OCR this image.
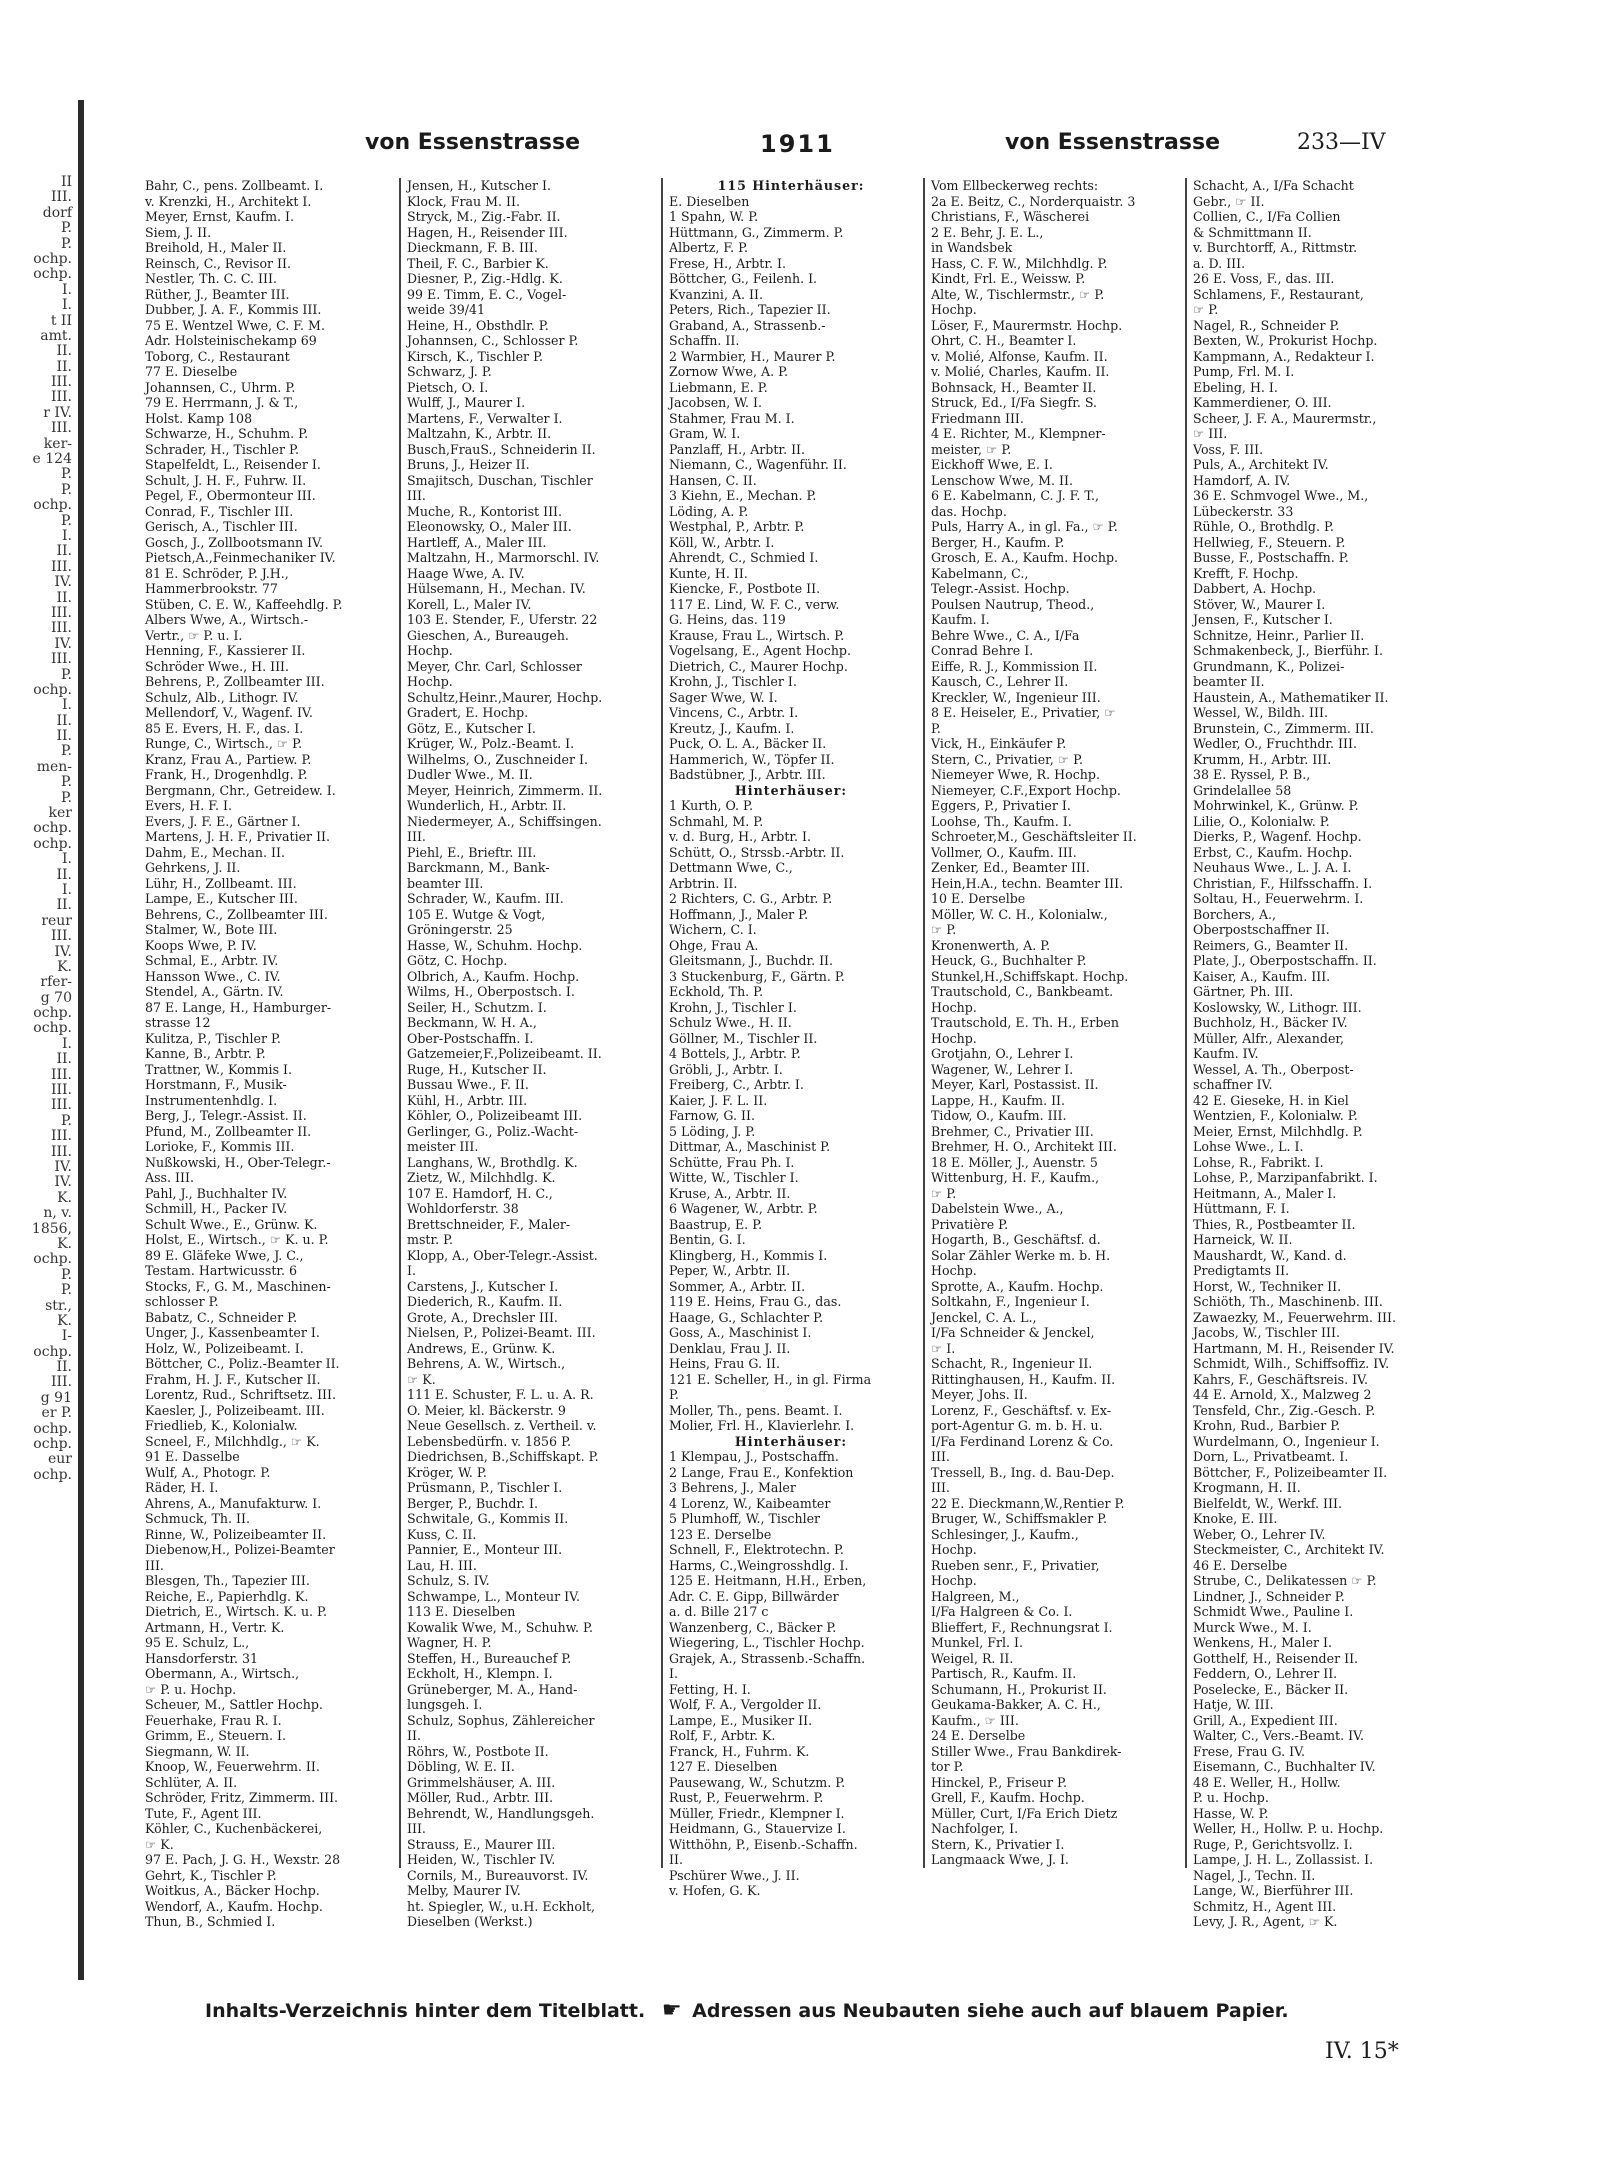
II
III.
dorf
P.
P.
ochp.
ochp.
I.
I.
t II
amt.
II.
II.
III.
III.
r IV.
III.
ker-
e 124
P.
P.
ochp.
P.
I.
II.
III.
IV.
II.
III.
III.
IV.
III.
P.
ochp.
I.
II.
II.
P.
men-
P.
P.
ker
ochp.
ochp.
I.
II.
I.
II.
reur
III.
IV.
K.
rfer-
g 70
ochp.
ochp.
I.
II.
III.
III.
III.
P.
III.
III.
IV.
IV.
K.
n, v.
1856,
K.
ochp.
P.
P.
str.,
K.
I-
ochp.
II.
III.
g 91
er P.
ochp.
ochp.
eur
ochp.
von Essenstrasse	1911	von Essenstrasse	233—IV
Bahr, C., pens. Zollbeamt. I.
v. Krenzki, H., Architekt I.
Meyer, Ernst, Kaufm. I.
Siem, J. II.
Breihold, H., Maler II.
Reinsch, C., Revisor II.
Nestler, Th. C. C. III.
Rüther, J., Beamter III.
Dubber, J. A. F., Kommis III.
75 E. Wentzel Wwe, C. F. M.
Adr. Holsteinischekamp 69
Toborg, C., Restaurant
77 E. Dieselbe
Johannsen, C., Uhrm. P.
79 E. Herrmann, J. & T.,
Holst. Kamp 108
Schwarze, H., Schuhm. P.
Schrader, H., Tischler P.
Stapelfeldt, L., Reisender I.
Schult, J. H. F., Fuhrw. II.
Pegel, F., Obermonteur III.
Conrad, F., Tischler III.
Gerisch, A., Tischler III.
Gosch, J., Zollbootsmann IV.
Pietsch,A.,Feinmechaniker IV.
81 E. Schröder, P. J.H.,
Hammerbrookstr. 77
Stüben, C. E. W., Kaffeehdlg. P.
Albers Wwe, A., Wirtsch.-
Vertr., ☞ P. u. I.
Henning, F., Kassierer II.
Schröder Wwe., H. III.
Behrens, P., Zollbeamter III.
Schulz, Alb., Lithogr. IV.
Mellendorf, V., Wagenf. IV.
85 E. Evers, H. F., das. I.
Runge, C., Wirtsch., ☞ P.
Kranz, Frau A., Partiew. P.
Frank, H., Drogenhdlg. P.
Bergmann, Chr., Getreidew. I.
Evers, H. F. I.
Evers, J. F. E., Gärtner I.
Martens, J. H. F., Privatier II.
Dahm, E., Mechan. II.
Gehrkens, J. II.
Lühr, H., Zollbeamt. III.
Lampe, E., Kutscher III.
Behrens, C., Zollbeamter III.
Stalmer, W., Bote III.
Koops Wwe, P. IV.
Schmal, E., Arbtr. IV.
Hansson Wwe., C. IV.
Stendel, A., Gärtn. IV.
87 E. Lange, H., Hamburger-
strasse 12
Kulitza, P., Tischler P.
Kanne, B., Arbtr. P.
Trattner, W., Kommis I.
Horstmann, F., Musik-
Instrumentenhdlg. I.
Berg, J., Telegr.-Assist. II.
Pfund, M., Zollbeamter II.
Lorioke, F., Kommis III.
Nußkowski, H., Ober-Telegr.-
Ass. III.
Pahl, J., Buchhalter IV.
Schmill, H., Packer IV.
Schult Wwe., E., Grünw. K.
Holst, E., Wirtsch., ☞ K. u. P.
89 E. Gläfeke Wwe, J. C.,
Testam. Hartwicusstr. 6
Stocks, F., G. M., Maschinen-
schlosser P.
Babatz, C., Schneider P.
Unger, J., Kassenbeamter I.
Holz, W., Polizeibeamt. I.
Böttcher, C., Poliz.-Beamter II.
Frahm, H. J. F., Kutscher II.
Lorentz, Rud., Schriftsetz. III.
Kaesler, J., Polizeibeamt. III.
Friedlieb, K., Kolonialw.
Scneel, F., Milchhdlg., ☞ K.
91 E. Dasselbe
Wulf, A., Photogr. P.
Räder, H. I.
Ahrens, A., Manufakturw. I.
Schmuck, Th. II.
Rinne, W., Polizeibeamter II.
Diebenow,H., Polizei-Beamter
III.
Blesgen, Th., Tapezier III.
Reiche, E., Papierhdlg. K.
Dietrich, E., Wirtsch. K. u. P.
Artmann, H., Vertr. K.
95 E. Schulz, L.,
Hansdorferstr. 31
Obermann, A., Wirtsch.,
☞ P. u. Hochp.
Scheuer, M., Sattler Hochp.
Feuerhake, Frau R. I.
Grimm, E., Steuern. I.
Siegmann, W. II.
Knoop, W., Feuerwehrm. II.
Schlüter, A. II.
Schröder, Fritz, Zimmerm. III.
Tute, F., Agent III.
Köhler, C., Kuchenbäckerei,
☞ K.
97 E. Pach, J. G. H., Wexstr. 28
Gehrt, K., Tischler P.
Woitkus, A., Bäcker Hochp.
Wendorf, A., Kaufm. Hochp.
Thun, B., Schmied I.
Jensen, H., Kutscher I.
Klock, Frau M. II.
Stryck, M., Zig.-Fabr. II.
Hagen, H., Reisender III.
Dieckmann, F. B. III.
Theil, F. C., Barbier K.
Diesner, P., Zig.-Hdlg. K.
99 E. Timm, E. C., Vogel-
weide 39/41
Heine, H., Obsthdlr. P.
Johannsen, C., Schlosser P.
Kirsch, K., Tischler P.
Schwarz, J. P.
Pietsch, O. I.
Wulff, J., Maurer I.
Martens, F., Verwalter I.
Maltzahn, K., Arbtr. II.
Busch,FrauS., Schneiderin II.
Bruns, J., Heizer II.
Smajitsch, Duschan, Tischler
III.
Muche, R., Kontorist III.
Eleonowsky, O., Maler III.
Hartleff, A., Maler III.
Maltzahn, H., Marmorschl. IV.
Haage Wwe, A. IV.
Hülsemann, H., Mechan. IV.
Korell, L., Maler IV.
103 E. Stender, F., Uferstr. 22
Gieschen, A., Bureaugeh.
Hochp.
Meyer, Chr. Carl, Schlosser
Hochp.
Schultz,Heinr.,Maurer, Hochp.
Gradert, E. Hochp.
Götz, E., Kutscher I.
Krüger, W., Polz.-Beamt. I.
Wilhelms, O., Zuschneider I.
Dudler Wwe., M. II.
Meyer, Heinrich, Zimmerm. II.
Wunderlich, H., Arbtr. II.
Niedermeyer, A., Schiffsingen.
III.
Piehl, E., Brieftr. III.
Barckmann, M., Bank-
beamter III.
Schrader, W., Kaufm. III.
105 E. Wutge & Vogt,
Gröningerstr. 25
Hasse, W., Schuhm. Hochp.
Götz, C. Hochp.
Olbrich, A., Kaufm. Hochp.
Wilms, H., Oberpostsch. I.
Seiler, H., Schutzm. I.
Beckmann, W. H. A.,
Ober-Postschaffn. I.
Gatzemeier,F.,Polizeibeamt. II.
Ruge, H., Kutscher II.
Bussau Wwe., F. II.
Kühl, H., Arbtr. III.
Köhler, O., Polizeibeamt III.
Gerlinger, G., Poliz.-Wacht-
meister III.
Langhans, W., Brothdlg. K.
Zietz, W., Milchhdlg. K.
107 E. Hamdorf, H. C.,
Wohldorferstr. 38
Brettschneider, F., Maler-
mstr. P.
Klopp, A., Ober-Telegr.-Assist.
I.
Carstens, J., Kutscher I.
Diederich, R., Kaufm. II.
Grote, A., Drechsler III.
Nielsen, P., Polizei-Beamt. III.
Andrews, E., Grünw. K.
Behrens, A. W., Wirtsch.,
☞ K.
111 E. Schuster, F. L. u. A. R.
O. Meier, kl. Bäckerstr. 9
Neue Gesellsch. z. Vertheil. v.
Lebensbedürfn. v. 1856 P.
Diedrichsen, B.,Schiffskapt. P.
Kröger, W. P.
Prüsmann, P., Tischler I.
Berger, P., Buchdr. I.
Schwitale, G., Kommis II.
Kuss, C. II.
Pannier, E., Monteur III.
Lau, H. III.
Schulz, S. IV.
Schwampe, L., Monteur IV.
113 E. Dieselben
Kowalik Wwe, M., Schuhw. P.
Wagner, H. P.
Steffen, H., Bureauchef P.
Eckholt, H., Klempn. I.
Grüneberger, M. A., Hand-
lungsgeh. I.
Schulz, Sophus, Zählereicher
II.
Röhrs, W., Postbote II.
Döbling, W. E. II.
Grimmelshäuser, A. III.
Möller, Rud., Arbtr. III.
Behrendt, W., Handlungsgeh.
III.
Strauss, E., Maurer III.
Heiden, W., Tischler IV.
Cornils, M., Bureauvorst. IV.
Melby, Maurer IV.
ht. Spiegler, W., u.H. Eckholt,
Dieselben (Werkst.)
115 Hinterhäuser:
E. Dieselben
1 Spahn, W. P.
Hüttmann, G., Zimmerm. P.
Albertz, F. P.
Frese, H., Arbtr. I.
Böttcher, G., Feilenh. I.
Kvanzini, A. II.
Peters, Rich., Tapezier II.
Graband, A., Strassenb.-
Schaffn. II.
2 Warmbier, H., Maurer P.
Zornow Wwe, A. P.
Liebmann, E. P.
Jacobsen, W. I.
Stahmer, Frau M. I.
Gram, W. I.
Panzlaff, H., Arbtr. II.
Niemann, C., Wagenführ. II.
Hansen, C. II.
3 Kiehn, E., Mechan. P.
Löding, A. P.
Westphal, P., Arbtr. P.
Köll, W., Arbtr. I.
Ahrendt, C., Schmied I.
Kunte, H. II.
Kiencke, F., Postbote II.
117 E. Lind, W. F. C., verw.
G. Heins, das. 119
Krause, Frau L., Wirtsch. P.
Vogelsang, E., Agent Hochp.
Dietrich, C., Maurer Hochp.
Krohn, J., Tischler I.
Sager Wwe, W. I.
Vincens, C., Arbtr. I.
Kreutz, J., Kaufm. I.
Puck, O. L. A., Bäcker II.
Hammerich, W., Töpfer II.
Badstübner, J., Arbtr. III.
Hinterhäuser:
1 Kurth, O. P.
Schmahl, M. P.
v. d. Burg, H., Arbtr. I.
Schütt, O., Strssb.-Arbtr. II.
Dettmann Wwe, C.,
Arbtrin. II.
2 Richters, C. G., Arbtr. P.
Hoffmann, J., Maler P.
Wichern, C. I.
Ohge, Frau A.
Gleitsmann, J., Buchdr. II.
3 Stuckenburg, F., Gärtn. P.
Eckhold, Th. P.
Krohn, J., Tischler I.
Schulz Wwe., H. II.
Göllner, M., Tischler II.
4 Bottels, J., Arbtr. P.
Gröbli, J., Arbtr. I.
Freiberg, C., Arbtr. I.
Kaier, J. F. L. II.
Farnow, G. II.
5 Löding, J. P.
Dittmar, A., Maschinist P.
Schütte, Frau Ph. I.
Witte, W., Tischler I.
Kruse, A., Arbtr. II.
6 Wagener, W., Arbtr. P.
Baastrup, E. P.
Bentin, G. I.
Klingberg, H., Kommis I.
Peper, W., Arbtr. II.
Sommer, A., Arbtr. II.
119 E. Heins, Frau G., das.
Haage, G., Schlachter P.
Goss, A., Maschinist I.
Denklau, Frau J. II.
Heins, Frau G. II.
121 E. Scheller, H., in gl. Firma
P.
Moller, Th., pens. Beamt. I.
Molier, Frl. H., Klavierlehr. I.
Hinterhäuser:
1 Klempau, J., Postschaffn.
2 Lange, Frau E., Konfektion
3 Behrens, J., Maler
4 Lorenz, W., Kaibeamter
5 Plumhoff, W., Tischler
123 E. Derselbe
Schnell, F., Elektrotechn. P.
Harms, C.,Weingrosshdlg. I.
125 E. Heitmann, H.H., Erben,
Adr. C. E. Gipp, Billwärder
a. d. Bille 217 c
Wanzenberg, C., Bäcker P.
Wiegering, L., Tischler Hochp.
Grajek, A., Strassenb.-Schaffn.
I.
Fetting, H. I.
Wolf, F. A., Vergolder II.
Lampe, E., Musiker II.
Rolf, F., Arbtr. K.
Franck, H., Fuhrm. K.
127 E. Dieselben
Pausewang, W., Schutzm. P.
Rust, P., Feuerwehrm. P.
Müller, Friedr., Klempner I.
Heidmann, G., Stauervize I.
Witthöhn, P., Eisenb.-Schaffn.
II.
Pschürer Wwe., J. II.
v. Hofen, G. K.
Vom Ellbeckerweg rechts:
2a E. Beitz, C., Norderquaistr. 3
Christians, F., Wäscherei
2 E. Behr, J. E. L.,
in Wandsbek
Hass, C. F. W., Milchhdlg. P.
Kindt, Frl. E., Weissw. P.
Alte, W., Tischlermstr., ☞ P.
Hochp.
Löser, F., Maurermstr. Hochp.
Ohrt, C. H., Beamter I.
v. Molié, Alfonse, Kaufm. II.
v. Molié, Charles, Kaufm. II.
Bohnsack, H., Beamter II.
Struck, Ed., I/Fa Siegfr. S.
Friedmann III.
4 E. Richter, M., Klempner-
meister, ☞ P.
Eickhoff Wwe, E. I.
Lenschow Wwe, M. II.
6 E. Kabelmann, C. J. F. T.,
das. Hochp.
Puls, Harry A., in gl. Fa., ☞ P.
Berger, H., Kaufm. P.
Grosch, E. A., Kaufm. Hochp.
Kabelmann, C.,
Telegr.-Assist. Hochp.
Poulsen Nautrup, Theod.,
Kaufm. I.
Behre Wwe., C. A., I/Fa
Conrad Behre I.
Eiffe, R. J., Kommission II.
Kausch, C., Lehrer II.
Kreckler, W., Ingenieur III.
8 E. Heiseler, E., Privatier, ☞
P.
Vick, H., Einkäufer P.
Stern, C., Privatier, ☞ P.
Niemeyer Wwe, R. Hochp.
Niemeyer, C.F.,Export Hochp.
Eggers, P., Privatier I.
Loohse, Th., Kaufm. I.
Schroeter,M., Geschäftsleiter II.
Vollmer, O., Kaufm. III.
Zenker, Ed., Beamter III.
Hein,H.A., techn. Beamter III.
10 E. Derselbe
Möller, W. C. H., Kolonialw.,
☞ P.
Kronenwerth, A. P.
Heuck, G., Buchhalter P.
Stunkel,H.,Schiffskapt. Hochp.
Trautschold, C., Bankbeamt.
Hochp.
Trautschold, E. Th. H., Erben
Hochp.
Grotjahn, O., Lehrer I.
Wagener, W., Lehrer I.
Meyer, Karl, Postassist. II.
Lappe, H., Kaufm. II.
Tidow, O., Kaufm. III.
Brehmer, C., Privatier III.
Brehmer, H. O., Architekt III.
18 E. Möller, J., Auenstr. 5
Wittenburg, H. F., Kaufm.,
☞ P.
Dabelstein Wwe., A.,
Privatière P.
Hogarth, B., Geschäftsf. d.
Solar Zähler Werke m. b. H.
Hochp.
Sprotte, A., Kaufm. Hochp.
Soltkahn, F., Ingenieur I.
Jenckel, C. A. L.,
I/Fa Schneider & Jenckel,
☞ I.
Schacht, R., Ingenieur II.
Rittinghausen, H., Kaufm. II.
Meyer, Johs. II.
Lorenz, F., Geschäftsf. v. Ex-
port-Agentur G. m. b. H. u.
I/Fa Ferdinand Lorenz & Co.
III.
Tressell, B., Ing. d. Bau-Dep.
III.
22 E. Dieckmann,W.,Rentier P.
Bruger, W., Schiffsmakler P.
Schlesinger, J., Kaufm.,
Hochp.
Rueben senr., F., Privatier,
Hochp.
Halgreen, M.,
I/Fa Halgreen & Co. I.
Blieffert, F., Rechnungsrat I.
Munkel, Frl. I.
Weigel, R. II.
Partisch, R., Kaufm. II.
Schumann, H., Prokurist II.
Geukama-Bakker, A. C. H.,
Kaufm., ☞ III.
24 E. Derselbe
Stiller Wwe., Frau Bankdirek-
tor P.
Hinckel, P., Friseur P.
Grell, F., Kaufm. Hochp.
Müller, Curt, I/Fa Erich Dietz
Nachfolger, I.
Stern, K., Privatier I.
Langmaack Wwe, J. I.
Schacht, A., I/Fa Schacht
Gebr., ☞ II.
Collien, C., I/Fa Collien
& Schmittmann II.
v. Burchtorff, A., Rittmstr.
a. D. III.
26 E. Voss, F., das. III.
Schlamens, F., Restaurant,
☞ P.
Nagel, R., Schneider P.
Bexten, W., Prokurist Hochp.
Kampmann, A., Redakteur I.
Pump, Frl. M. I.
Ebeling, H. I.
Kammerdiener, O. III.
Scheer, J. F. A., Maurermstr.,
☞ III.
Voss, F. III.
Puls, A., Architekt IV.
Hamdorf, A. IV.
36 E. Schmvogel Wwe., M.,
Lübeckerstr. 33
Rühle, O., Brothdlg. P.
Hellwieg, F., Steuern. P.
Busse, F., Postschaffn. P.
Krefft, F. Hochp.
Dabbert, A. Hochp.
Stöver, W., Maurer I.
Jensen, F., Kutscher I.
Schnitze, Heinr., Parlier II.
Schmakenbeck, J., Bierführ. I.
Grundmann, K., Polizei-
beamter II.
Haustein, A., Mathematiker II.
Wessel, W., Bildh. III.
Brunstein, C., Zimmerm. III.
Wedler, O., Fruchthdr. III.
Krumm, H., Arbtr. III.
38 E. Ryssel, P. B.,
Grindelallee 58
Mohrwinkel, K., Grünw. P.
Lilie, O., Kolonialw. P.
Dierks, P., Wagenf. Hochp.
Erbst, C., Kaufm. Hochp.
Neuhaus Wwe., L. J. A. I.
Christian, F., Hilfsschaffn. I.
Soltau, H., Feuerwehrm. I.
Borchers, A.,
Oberpostschaffner II.
Reimers, G., Beamter II.
Plate, J., Oberpostschaffn. II.
Kaiser, A., Kaufm. III.
Gärtner, Ph. III.
Koslowsky, W., Lithogr. III.
Buchholz, H., Bäcker IV.
Müller, Alfr., Alexander,
Kaufm. IV.
Wessel, A. Th., Oberpost-
schaffner IV.
42 E. Gieseke, H. in Kiel
Wentzien, F., Kolonialw. P.
Meier, Ernst, Milchhdlg. P.
Lohse Wwe., L. I.
Lohse, R., Fabrikt. I.
Lohse, P., Marzipanfabrikt. I.
Heitmann, A., Maler I.
Hüttmann, F. I.
Thies, R., Postbeamter II.
Harneick, W. II.
Maushardt, W., Kand. d.
Predigtamts II.
Horst, W., Techniker II.
Schiöth, Th., Maschinenb. III.
Zawaezky, M., Feuerwehrm. III.
Jacobs, W., Tischler III.
Hartmann, M. H., Reisender IV.
Schmidt, Wilh., Schiffsoffiz. IV.
Kahrs, F., Geschäftsreis. IV.
44 E. Arnold, X., Malzweg 2
Tensfeld, Chr., Zig.-Gesch. P.
Krohn, Rud., Barbier P.
Wurdelmann, O., Ingenieur I.
Dorn, L., Privatbeamt. I.
Böttcher, F., Polizeibeamter II.
Krogmann, H. II.
Bielfeldt, W., Werkf. III.
Knoke, E. III.
Weber, O., Lehrer IV.
Steckmeister, C., Architekt IV.
46 E. Derselbe
Strube, C., Delikatessen ☞ P.
Lindner, J., Schneider P.
Schmidt Wwe., Pauline I.
Murck Wwe., M. I.
Wenkens, H., Maler I.
Gotthelf, H., Reisender II.
Feddern, O., Lehrer II.
Poselecke, E., Bäcker II.
Hatje, W. III.
Grill, A., Expedient III.
Walter, C., Vers.-Beamt. IV.
Frese, Frau G. IV.
Eisemann, C., Buchhalter IV.
48 E. Weller, H., Hollw.
P. u. Hochp.
Hasse, W. P.
Weller, H., Hollw. P. u. Hochp.
Ruge, P., Gerichtsvollz. I.
Lampe, J. H. L., Zollassist. I.
Nagel, J., Techn. II.
Lange, W., Bierführer III.
Schmitz, H., Agent III.
Levy, J. R., Agent, ☞ K.
Inhalts-Verzeichnis hinter dem Titelblatt. ☛ Adressen aus Neubauten siehe auch auf blauem Papier.
IV. 15*
